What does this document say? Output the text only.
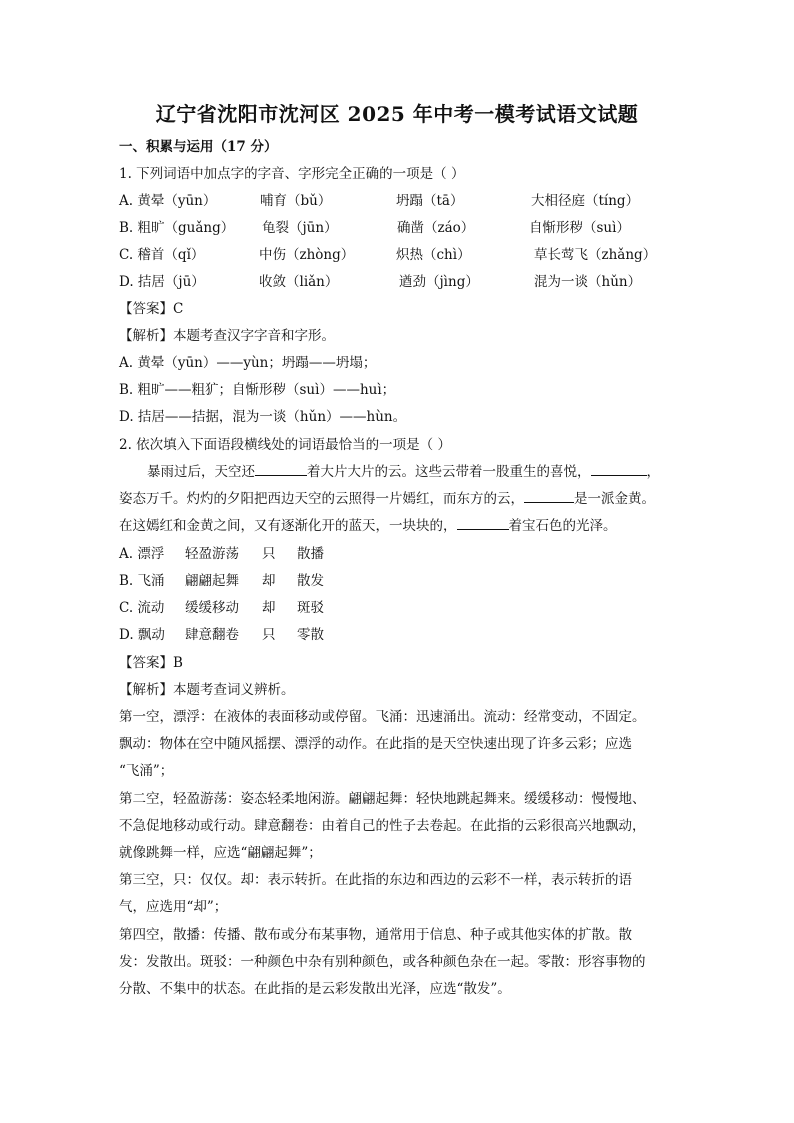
辽宁省沈阳市沈河区 2025 年中考一模考试语文试题
一、积累与运用（17 分）
1. 下列词语中加点字的字音、字形完全正确的一项是（ ）
A. 黄晕（yūn）	哺育（bǔ）	坍蹋（tā）	大相径庭（tíng）
B. 粗旷（guǎng） 龟裂（jūn）	确凿（záo）	自惭形秽（suì）
C. 稽首（qǐ）	中伤（zhòng）	炽热（chì）	草长莺飞（zhǎng）
D. 拮居（jū）	收敛（liǎn）	遒劲（jìng）	混为一谈（hǔn）
【答案】C
【解析】本题考查汉字字音和字形。
A. 黄晕（yūn）——yùn；坍蹋——坍塌；
B. 粗旷——粗犷；自惭形秽（suì）——huì；
D. 拮居——拮据，混为一谈（hǔn）——hùn。
2. 依次填入下面语段横线处的词语最恰当的一项是（ ）
暴雨过后，天空还	着大片大片的云。这些云带着一股重生的喜悦，	，
姿态万千。灼灼的夕阳把西边天空的云照得一片嫣红，而东方的云，	是一派金黄。
在这嫣红和金黄之间，又有逐渐化开的蓝天，一块块的，	着宝石色的光泽。
A. 漂浮 轻盈游荡 只 散播
B. 飞涌 翩翩起舞 却 散发
C. 流动 缓缓移动 却 斑驳
D. 飘动 肆意翻卷 只 零散
【答案】B
【解析】本题考查词义辨析。
第一空，漂浮：在液体的表面移动或停留。飞涌：迅速涌出。流动：经常变动，不固定。
飘动：物体在空中随风摇摆、漂浮的动作。在此指的是天空快速出现了许多云彩；应选
“飞涌”；
第二空，轻盈游荡：姿态轻柔地闲游。翩翩起舞：轻快地跳起舞来。缓缓移动：慢慢地、
不急促地移动或行动。肆意翻卷：由着自己的性子去卷起。在此指的云彩很高兴地飘动，
就像跳舞一样，应选“翩翩起舞”；
第三空，只：仅仅。却：表示转折。在此指的东边和西边的云彩不一样，表示转折的语
气，应选用“却”；
第四空，散播：传播、散布或分布某事物，通常用于信息、种子或其他实体的扩散。散
发：发散出。斑驳：一种颜色中杂有别种颜色，或各种颜色杂在一起。零散：形容事物的
分散、不集中的状态。在此指的是云彩发散出光泽，应选“散发”。
